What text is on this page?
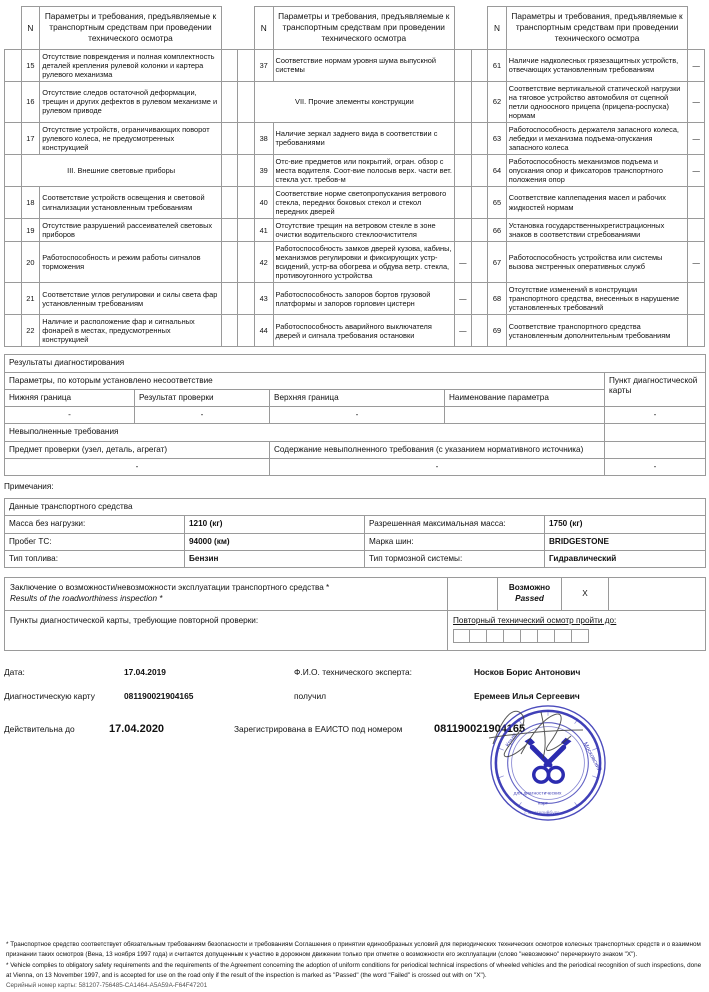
	N	Параметры и требования, предъявляемые к транспортным средствам при проведении технического осмотра			N	Параметры и требования, предъявляемые к транспортным средствам при проведении технического осмотра			N	Параметры и требования, предъявляемые к транспортным средствам при проведении технического осмотра	
	15	Отсутствие повреждения и полная комплектность деталей крепления рулевой колонки и картера рулевого механизма			37	Соответствие нормам уровня шума выпускной системы			61	Наличие надколесных грязезащитных устройств, отвечающих установленным требованиям	—
	16	Отсутствие следов остаточной деформации, трещин и других дефектов в рулевом механизме и рулевом приводе			VII. Прочие элементы конструкции				62	Соответствие вертикальной статической нагрузки на тяговое устройство автомобиля от сцепной петли одноосного прицепа (прицепа-роспуска) нормам	—
	17	Отсутствие устройств, ограничивающих поворот рулевого колеса, не предусмотренных конструкцией			38	Наличие зеркал заднего вида в соответствии с требованиями			63	Работоспособность держателя запасного колеса, лебедки и механизма подъема-опускания запасного колеса	—
	III. Внешние световые приборы				39	Отс-вие предметов или покрытий, огран. обзор с места водителя. Соот-вие полосыв верх. части вет. стекла уст. требов-м			64	Работоспособность механизмов подъема и опускания опор и фиксаторов транспортного положения опор	—
	18	Соответствие устройств освещения и световой сигнализации установленным требованиям			40	Соответствие норме светопропускания ветрового стекла, передних боковых стекол и стекол передних дверей			65	Соответствие каплепадения масел и рабочих жидкостей нормам	
	19	Отсутствие разрушений рассеивателей световых приборов			41	Отсутствие трещин на ветровом стекле в зоне очистки водительского стеклоочистителя			66	Установка государственныхрегистрационных знаков в соответствии стребованиями	
	20	Работоспособность и режим работы сигналов торможения			42	Работоспособность замков дверей кузова, кабины, механизмов регулировки и фиксирующих устр-всидений, устр-ва обогрева и обдува ветр. стекла, противоугонного устройства	—		67	Работоспособность устройства или системы вызова экстренных оперативных служб	—
	21	Соответствие углов регулировки и силы света фар установленным требованиям			43	Работоспособность запоров бортов грузовой платформы и запоров горловин цистерн	—		68	Отсутствие изменений в конструкции транспортного средства, внесенных в нарушение установленных требований	
	22	Наличие и расположение фар и сигнальных фонарей в местах, предусмотренных конструкцией			44	Работоспособность аварийного выключателя дверей и сигнала требования остановки	—		69	Соответствие транспортного средства установленным дополнительным требованиям	
Результаты диагностирования				
Параметры, по которым установлено несоответствие				Пункт диагностической карты
Нижняя граница	Результат проверки	Верхняя граница	Наименование параметра	
-	-	-		-
Невыполненные требования				
Предмет проверки (узел, деталь, агрегат)		Содержание невыполненного требования (с указанием нормативного источника)		
-		-		-
Примечания:
Данные транспортного средства			
Масса без нагрузки:	1210 (кг)	Разрешенная максимальная масса:	1750 (кг)
Пробег ТС:	94000 (км)	Марка шин:	BRIDGESTONE
Тип топлива:	Бензин	Тип тормозной системы:	Гидравлический
Заключение о возможности/невозможности эксплуатации транспортного средства *
Results of the roadworthiness inspection *

Возможно
Passed
	X	
Пункты диагностической карты, требующие повторной проверки:	Повторный технический осмотр пройти до:			
Дата:	17.04.2019	Ф.И.О. технического эксперта:	Носков Борис Антонович
Диагностическую карту	081190021904165	получил	Еремеев Илья Сергеевич
Действительна до	17.04.2020	Зарегистрирована в ЕАИСТО под номером	081190021904165
Крым
Московский
для диагностических
карт
г. Екатеринбург

* Транспортное средство соответствует обязательным требованиям безопасности и требованиям Соглашения о принятии единообразных условий для периодических технических осмотров колесных транспортных средств и о взаимном признании таких осмотров (Вена, 13 ноября 1997 года) и считается допущенным к участию в дорожном движении только при отметке о возможности его эксплуатации (слово "невозможно" перечеркнуто знаком "X").

* Vehicle complies to obligatory safety requirements and the requirements of the Agreement concerning the adoption of uniform conditions for periodical technical inspections of wheeled vehicles and the periodical recognition of such inspections, done at Vienna, on 13 November 1997, and is accepted for use on the road only if the result of the inspection is marked as "Passed" (the word "Failed" is crossed out with on "X").

Серийный номер карты: 581207-756485-CA1464-A5A59A-F64F47201
